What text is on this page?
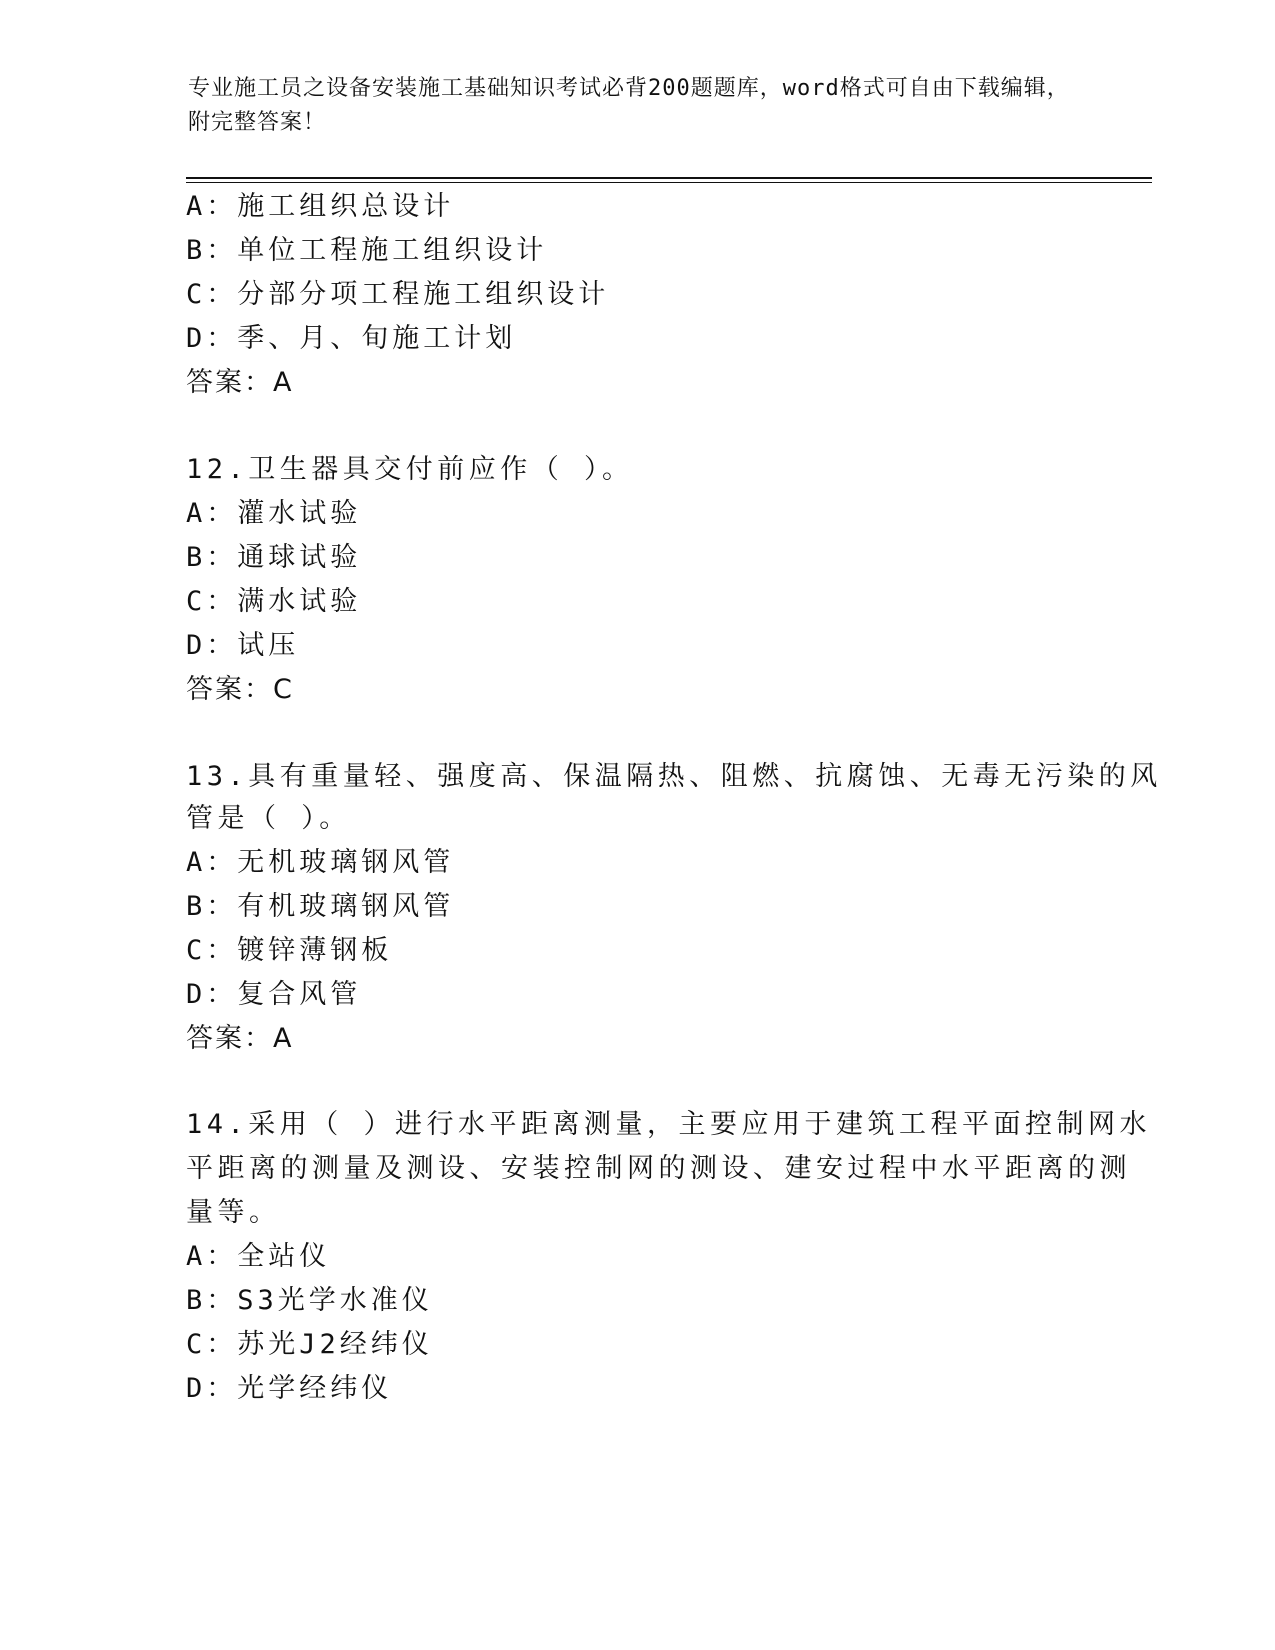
专业施工员之设备安装施工基础知识考试必背200题题库，word格式可自由下载编辑，附完整答案！
A：施工组织总设计
B：单位工程施工组织设计
C：分部分项工程施工组织设计
D：季、月、旬施工计划
答案：A
12.卫生器具交付前应作（ ）。
A：灌水试验
B：通球试验
C：满水试验
D：试压
答案：C
13.具有重量轻、强度高、保温隔热、阻燃、抗腐蚀、无毒无污染的风
管是（ ）。
A：无机玻璃钢风管
B：有机玻璃钢风管
C：镀锌薄钢板
D：复合风管
答案：A
14.采用（ ）进行水平距离测量，主要应用于建筑工程平面控制网水
平距离的测量及测设、安装控制网的测设、建安过程中水平距离的测
量等。
A：全站仪
B：S3光学水准仪
C：苏光J2经纬仪
D：光学经纬仪
